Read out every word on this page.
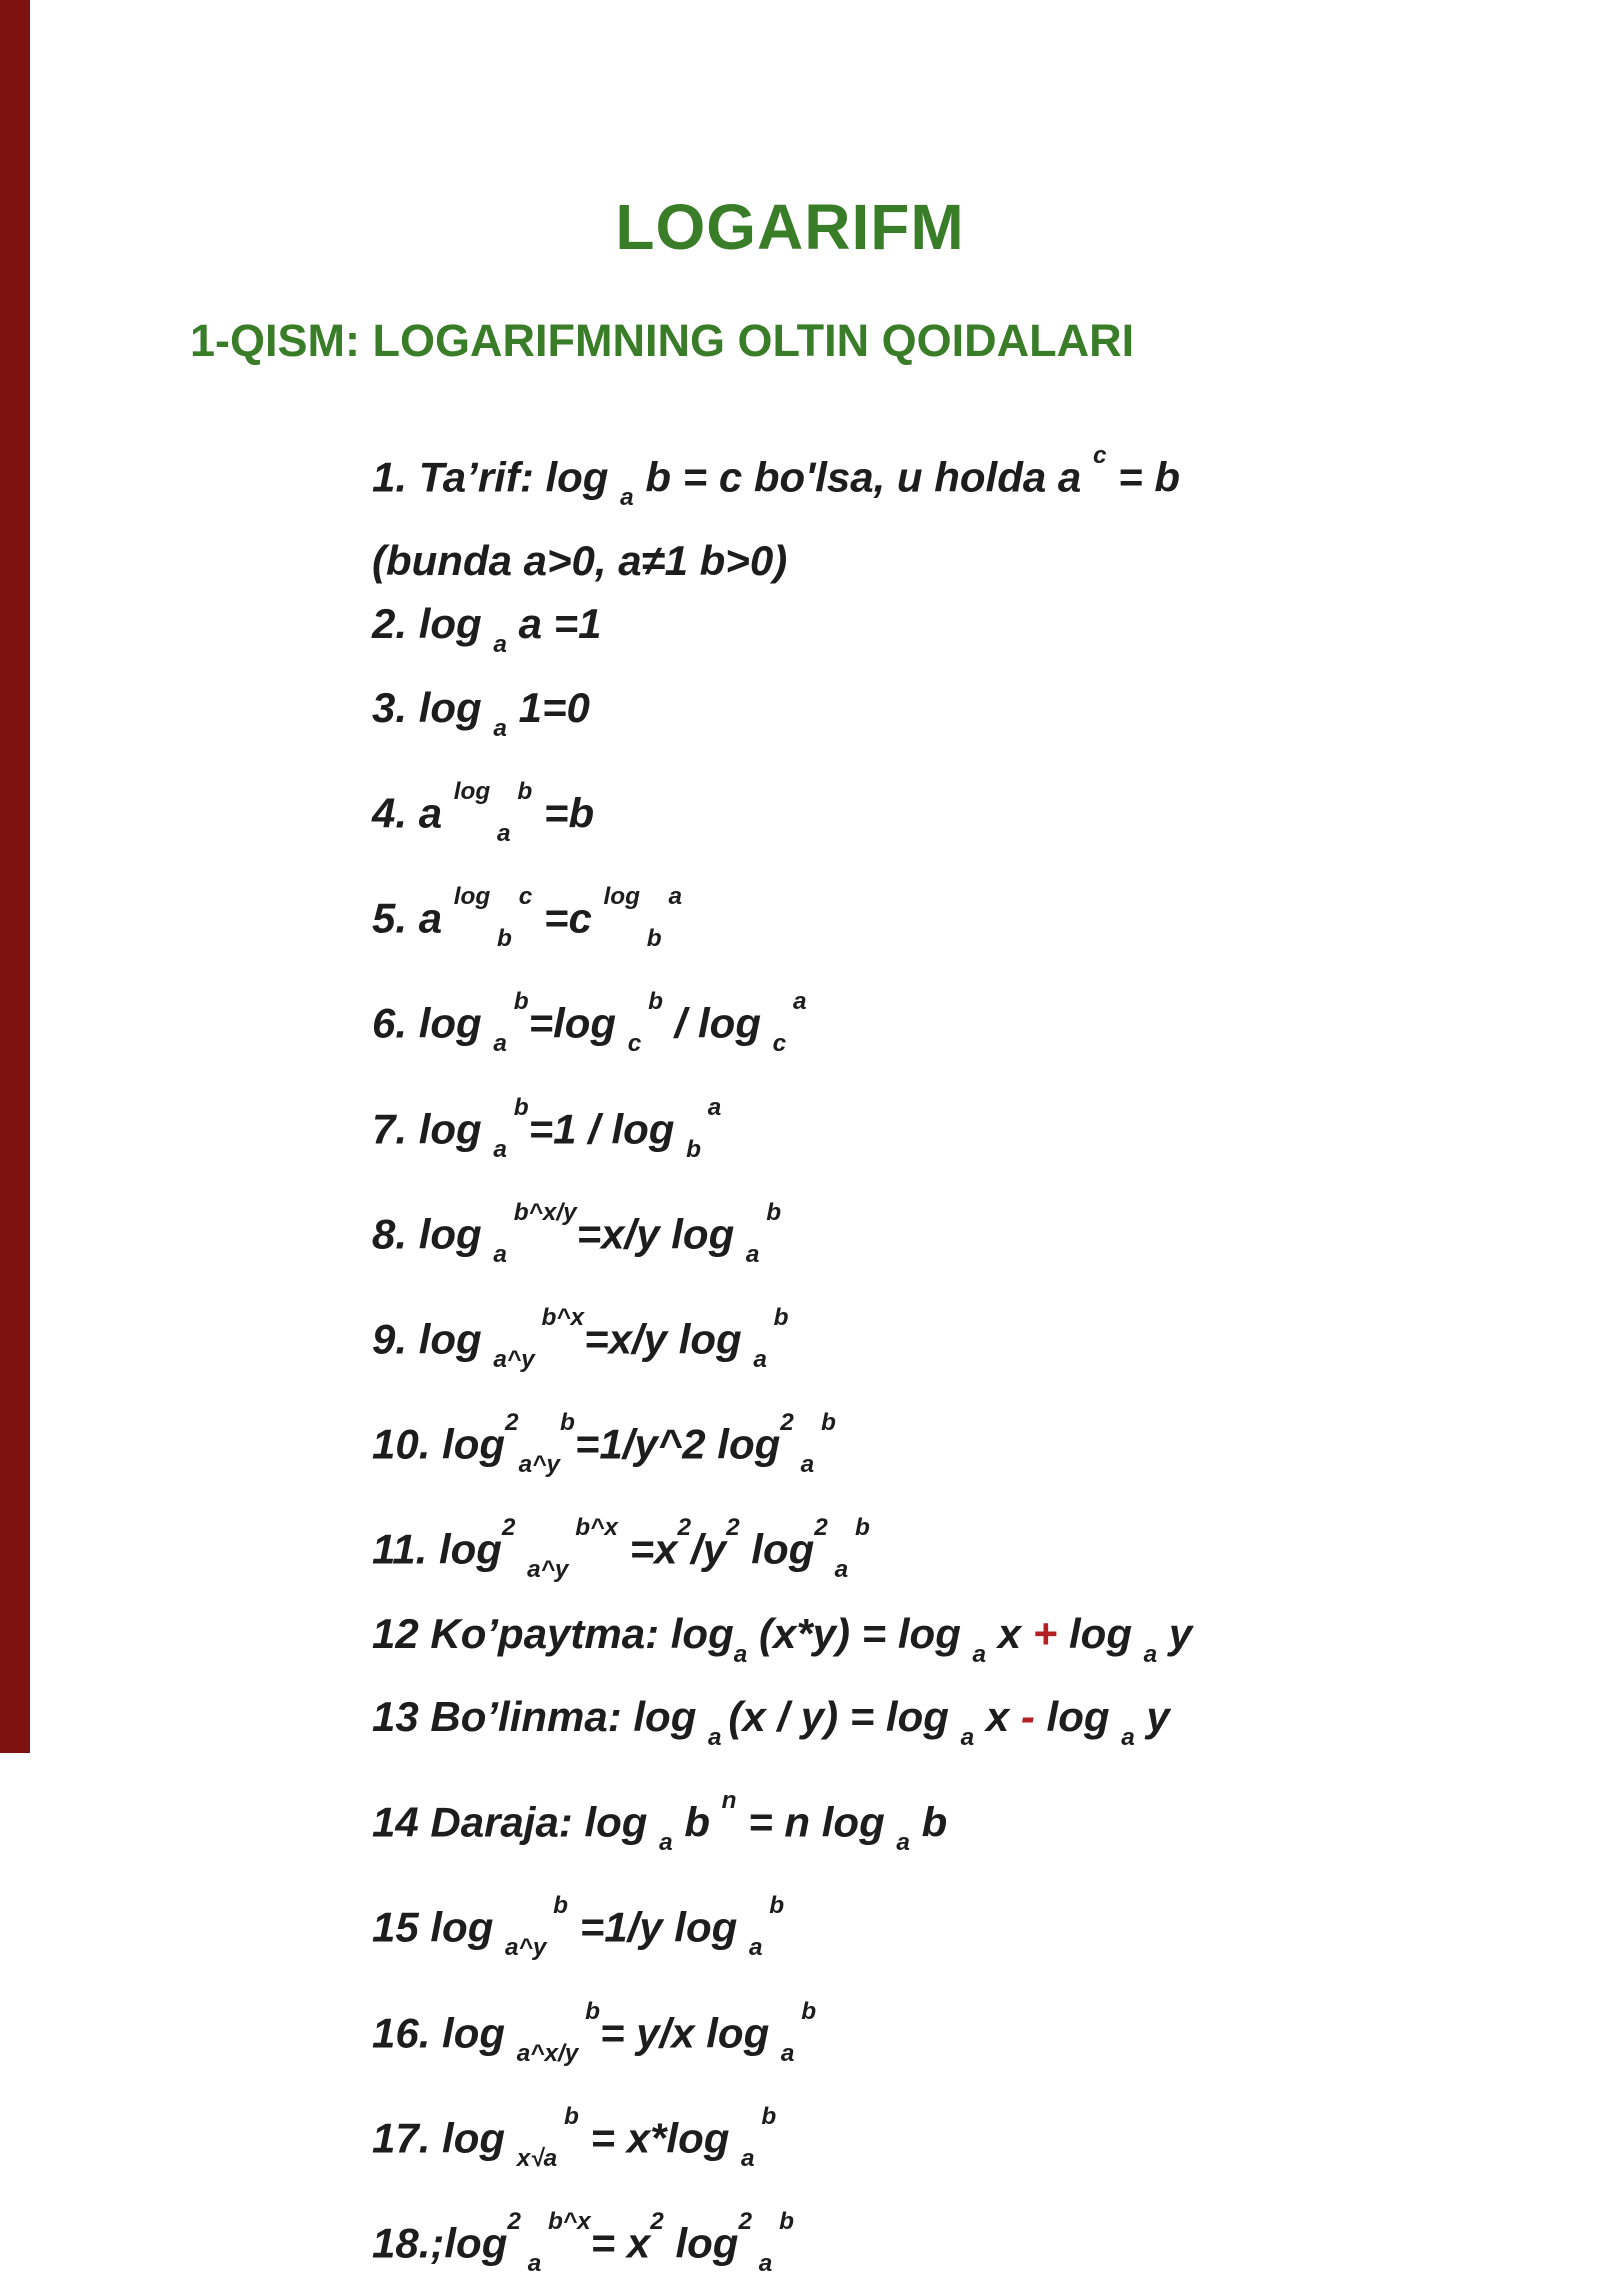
LOGARIFM
1-QISM: LOGARIFMNING OLTIN QOIDALARI
1. Ta’rif: log $_a$ b = c bo'lsa, u holda a $^c$ = b
(bunda a>0, a≠1 b>0)
2. log $_a$ a =1
3. log $_a$ 1=0
4. a $^{log}$ $_a$ $^b$ =b
5. a $^{log}$ $_b$ $^c$ =c $^{log}$ $_b$ $^a$
6. log $_a$ $^b$=log $_c$ $^b$ / log $_c$ $^a$
7. log $_a$ $^b$=1 / log $_b$ $^a$
8. log $_a$ $^{b\^{}x/y}$=x/y log $_a$ $^b$
9. log $_{a\^{}y}$ $^{b\^{}x}$=x/y log $_a$ $^b$
10. $\log^2_{a\^{}y}^b=1/y\^{}2$ $\log^2 _a$ $^b$
11. $\log^2 _{a\^{}y}$ $^{b\^{}x} =x^2/y^2$ $\log^2 _a$ $^b$
12 Ko’paytma: $\log_a (x*y) = \log _a$ x + log $_a$ y
13 Bo’linma: log $_a$ (x / y) = log $_a$ x - log $_a$ y
14 Daraja: log $_a$ b $^n$ = n log $_a$ b
15 log $_{a\^{}y}$ $^b$ =1/y log $_a$ $^b$
16. log $_{a\^{}x/y}$ $^b$= y/x log $_a$ $^b$
17. log $_{x√a}$ $^b$ = x*log $_a$ $^b$
$18.;\log^2$ $_a$ $^{b\^{}x}= x^2$ $\log^2 _a$ $^b$
